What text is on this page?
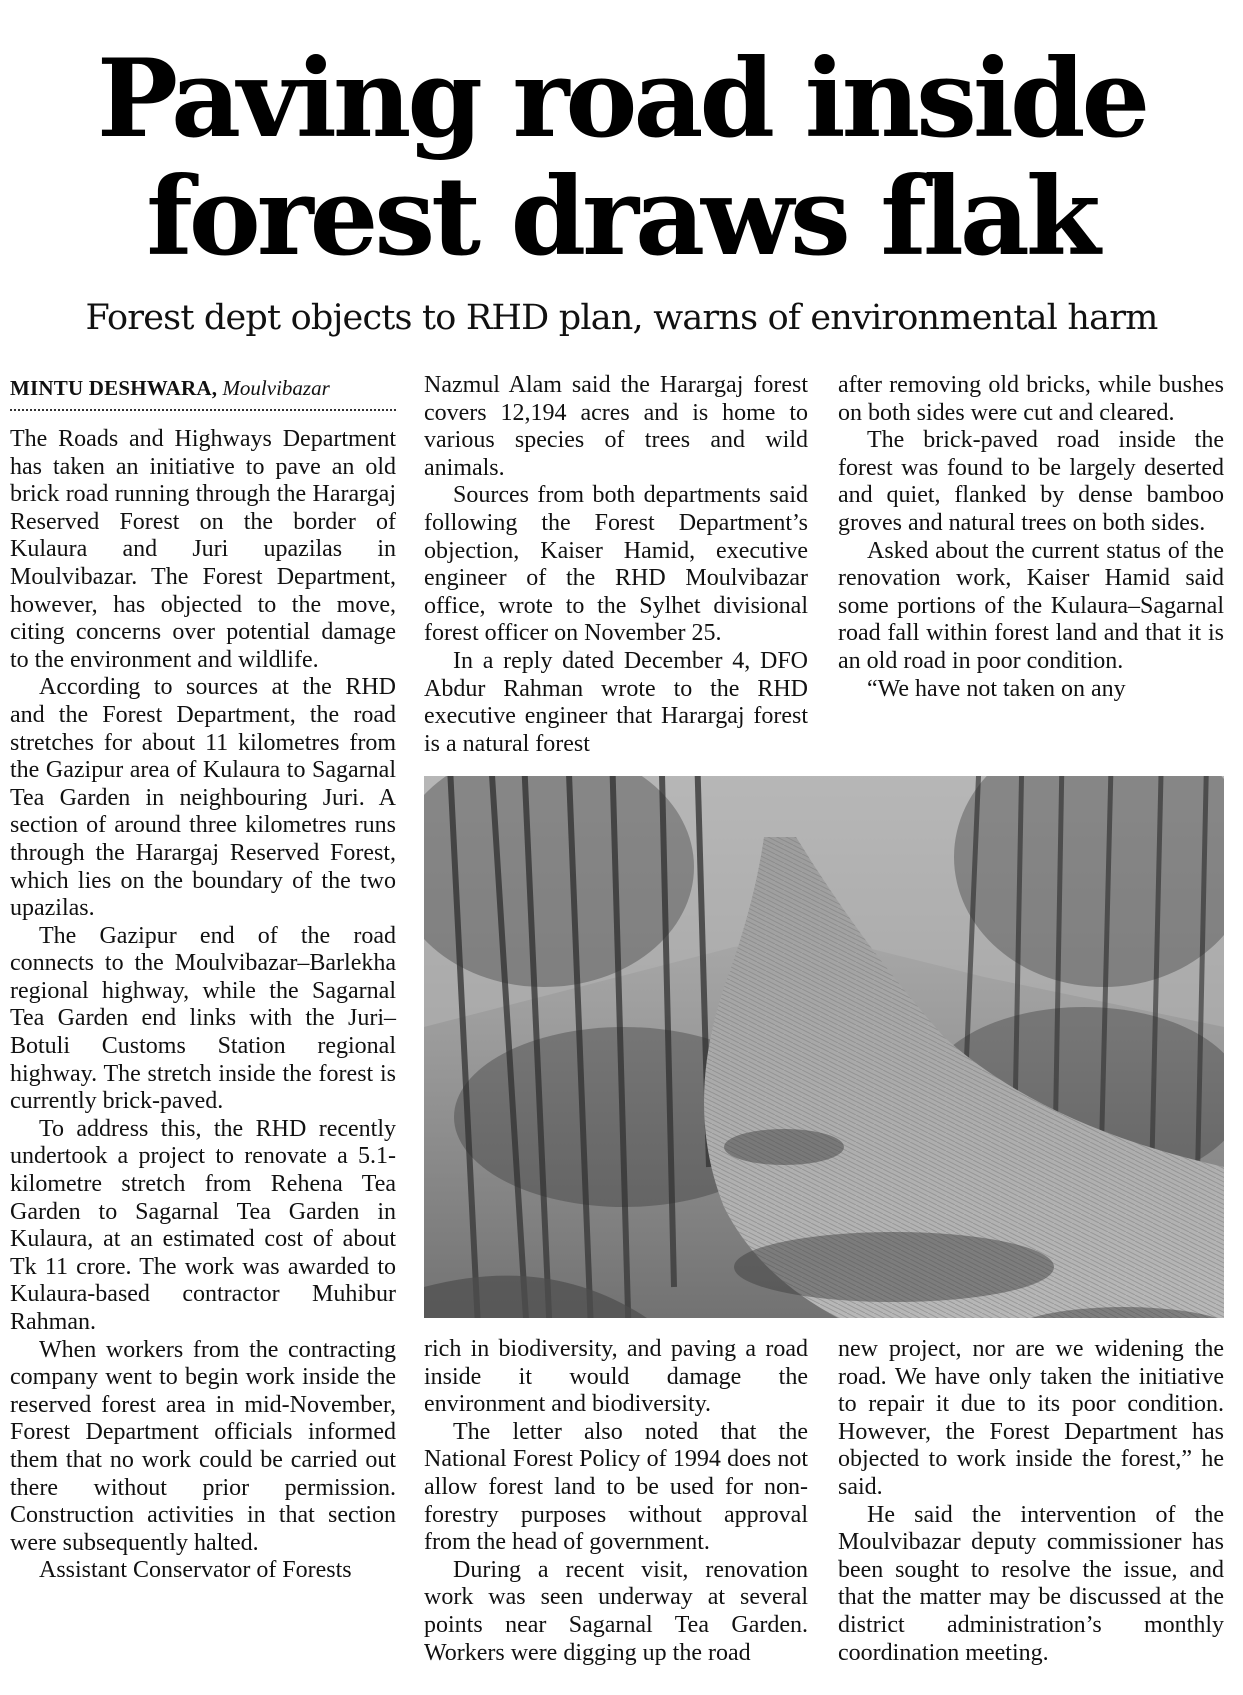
Paving road inside forest draws flak
Forest dept objects to RHD plan, warns of environmental harm
MINTU DESHWARA, Moulvibazar

The Roads and Highways Department has taken an initiative to pave an old brick road running through the Harargaj Reserved Forest on the border of Kulaura and Juri upazilas in Moulvibazar. The Forest Department, however, has objected to the move, citing concerns over potential damage to the environment and wildlife.

According to sources at the RHD and the Forest Department, the road stretches for about 11 kilometres from the Gazipur area of Kulaura to Sagarnal Tea Garden in neighbouring Juri. A section of around three kilometres runs through the Harargaj Reserved Forest, which lies on the boundary of the two upazilas.

The Gazipur end of the road connects to the Moulvibazar–Barlekha regional highway, while the Sagarnal Tea Garden end links with the Juri–Botuli Customs Station regional highway. The stretch inside the forest is currently brick-paved.

To address this, the RHD recently undertook a project to renovate a 5.1-kilometre stretch from Rehena Tea Garden to Sagarnal Tea Garden in Kulaura, at an estimated cost of about Tk 11 crore. The work was awarded to Kulaura-based contractor Muhibur Rahman.

When workers from the contracting company went to begin work inside the reserved forest area in mid-November, Forest Department officials informed them that no work could be carried out there without prior permission. Construction activities in that section were subsequently halted.

Assistant Conservator of Forests

Nazmul Alam said the Harargaj forest covers 12,194 acres and is home to various species of trees and wild animals.

Sources from both departments said following the Forest Department’s objection, Kaiser Hamid, executive engineer of the RHD Moulvibazar office, wrote to the Sylhet divisional forest officer on November 25.

In a reply dated December 4, DFO Abdur Rahman wrote to the RHD executive engineer that Harargaj forest is a natural forest

after removing old bricks, while bushes on both sides were cut and cleared.

The brick-paved road inside the forest was found to be largely deserted and quiet, flanked by dense bamboo groves and natural trees on both sides.

Asked about the current status of the renovation work, Kaiser Hamid said some portions of the Kulaura–Sagarnal road fall within forest land and that it is an old road in poor condition.

“We have not taken on any

rich in biodiversity, and paving a road inside it would damage the environment and biodiversity.

The letter also noted that the National Forest Policy of 1994 does not allow forest land to be used for non-forestry purposes without approval from the head of government.

During a recent visit, renovation work was seen underway at several points near Sagarnal Tea Garden. Workers were digging up the road

new project, nor are we widening the road. We have only taken the initiative to repair it due to its poor condition. However, the Forest Department has objected to work inside the forest,” he said.

He said the intervention of the Moulvibazar deputy commissioner has been sought to resolve the issue, and that the matter may be discussed at the district administration’s monthly coordination meeting.
